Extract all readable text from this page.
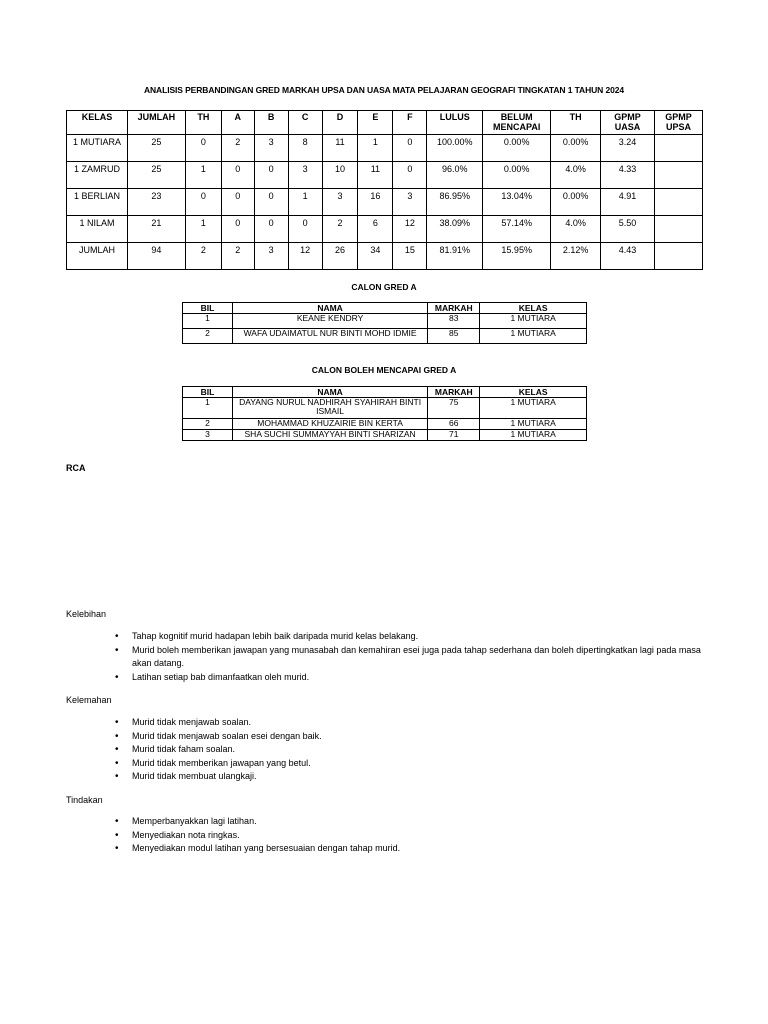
ANALISIS PERBANDINGAN GRED MARKAH UPSA DAN UASA MATA PELAJARAN GEOGRAFI TINGKATAN 1 TAHUN 2024
KELAS	JUMLAH	TH	A	B	C	D	E	F	LULUS	BELUM MENCAPAI	TH	GPMP UASA	GPMP UPSA
1 MUTIARA	25	0	2	3	8	11	1	0	100.00%	0.00%	0.00%	3.24	
1 ZAMRUD	25	1	0	0	3	10	11	0	96.0%	0.00%	4.0%	4.33	
1 BERLIAN	23	0	0	0	1	3	16	3	86.95%	13.04%	0.00%	4.91	
1 NILAM	21	1	0	0	0	2	6	12	38.09%	57.14%	4.0%	5.50	
JUMLAH	94	2	2	3	12	26	34	15	81.91%	15.95%	2.12%	4.43	
CALON GRED A
BIL	NAMA	MARKAH	KELAS
1	KEANE KENDRY	83	1 MUTIARA
2	WAFA UDAIMATUL NUR BINTI MOHD IDMIE	85	1 MUTIARA
CALON BOLEH MENCAPAI GRED A
BIL	NAMA	MARKAH	KELAS
1	DAYANG NURUL NADHIRAH SYAHIRAH BINTI ISMAIL	75	1 MUTIARA
2	MOHAMMAD KHUZAIRIE BIN KERTA	66	1 MUTIARA
3	SHA SUCHI SUMMAYYAH BINTI SHARIZAN	71	1 MUTIARA
RCA
Kelebihan
• Tahap kognitif murid hadapan lebih baik daripada murid kelas belakang.
• Murid boleh memberikan jawapan yang munasabah dan kemahiran esei juga pada tahap sederhana dan boleh dipertingkatkan lagi pada masa akan datang.
• Latihan setiap bab dimanfaatkan oleh murid.
Kelemahan
• Murid tidak menjawab soalan.
• Murid tidak menjawab soalan esei dengan baik.
• Murid tidak faham soalan.
• Murid tidak memberikan jawapan yang betul.
• Murid tidak membuat ulangkaji.
Tindakan
• Memperbanyakkan lagi latihan.
• Menyediakan nota ringkas.
• Menyediakan modul latihan yang bersesuaian dengan tahap murid.
